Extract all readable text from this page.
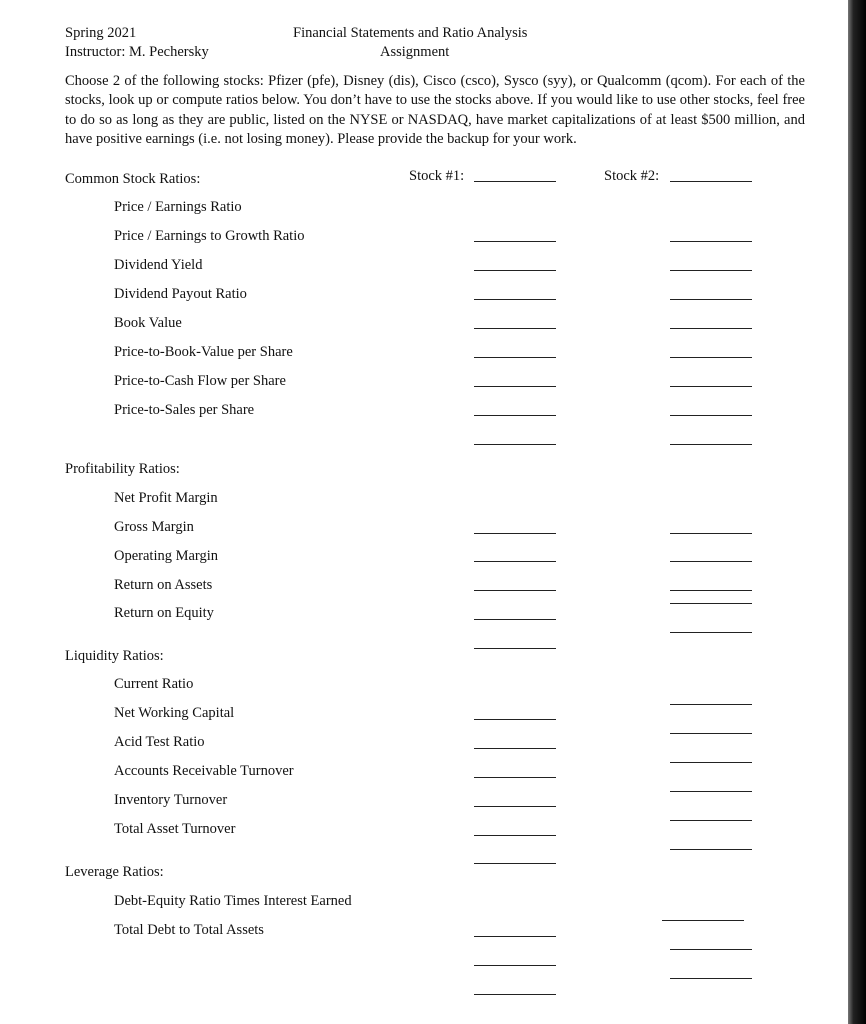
Spring 2021
Instructor: M. Pechersky
Financial Statements and Ratio Analysis
Assignment
Choose 2 of the following stocks: Pfizer (pfe), Disney (dis), Cisco (csco), Sysco (syy), or Qualcomm (qcom). For each of the stocks, look up or compute ratios below. You don’t have to use the stocks above. If you would like to use other stocks, feel free to do so as long as they are public, listed on the NYSE or NASDAQ, have market capitalizations of at least $500 million, and have positive earnings (i.e. not losing money). Please provide the backup for your work.
Common Stock Ratios:	Stock #1:	Stock #2:
Price / Earnings Ratio
Price / Earnings to Growth Ratio
Dividend Yield
Dividend Payout Ratio
Book Value
Price-to-Book-Value per Share
Price-to-Cash Flow per Share
Price-to-Sales per Share
Profitability Ratios:
Net Profit Margin
Gross Margin
Operating Margin
Return on Assets
Return on Equity
Liquidity Ratios:
Current Ratio
Net Working Capital
Acid Test Ratio
Accounts Receivable Turnover
Inventory Turnover
Total Asset Turnover
Leverage Ratios:
Debt-Equity Ratio Times Interest Earned
Total Debt to Total Assets
